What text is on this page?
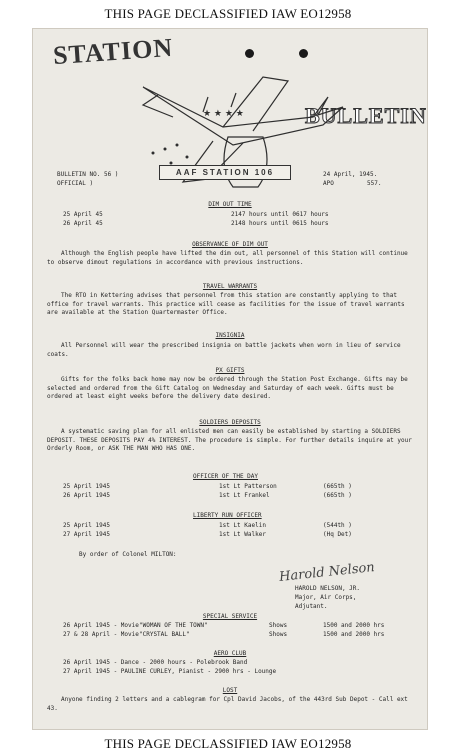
THIS PAGE DECLASSIFIED IAW EO12958
STATION
BULLETIN
★ ★ ★ ★
AAF STATION 106
BULLETIN NO. 56 )
OFFICIAL )
24 April, 1945.
APO	557.
DIM OUT TIME
25 April 45	2147 hours until 0617 hours
26 April 45	2148 hours until 0615 hours
OBSERVANCE OF DIM OUT
Although the English people have lifted the dim out, all personnel of this Station will continue to observe dimout regulations in accordance with previous instructions.
TRAVEL WARRANTS
The RTO in Kettering advises that personnel from this station are constantly applying to that office for travel warrants. This practice will cease as facilities for the issue of travel warrants are available at the Station Quartermaster Office.
INSIGNIA
All Personnel will wear the prescribed insignia on battle jackets when worn in lieu of service coats.
PX GIFTS
Gifts for the folks back home may now be ordered through the Station Post Exchange. Gifts may be selected and ordered from the Gift Catalog on Wednesday and Saturday of each week. Gifts must be ordered at least eight weeks before the delivery date desired.
SOLDIERS DEPOSITS
A systematic saving plan for all enlisted men can easily be established by starting a SOLDIERS DEPOSIT. THESE DEPOSITS PAY 4% INTEREST. The procedure is simple. For further details inquire at your Orderly Room, or ASK THE MAN WHO HAS ONE.
OFFICER OF THE DAY
25 April 1945	1st Lt Patterson	(665th )
26 April 1945	1st Lt Frankel	(665th )
LIBERTY RUN OFFICER
25 April 1945	1st Lt Kaelin	(544th )
27 April 1945	1st Lt Walker	(Hq Det)
By order of Colonel MILTON:
Harold Nelson
HAROLD NELSON, JR.
Major, Air Corps,
Adjutant.
SPECIAL SERVICE
26 April 1945 - Movie "WOMAN OF THE TOWN"	Shows	1500 and 2000 hrs
27 & 28 April - Movie "CRYSTAL BALL"	Shows	1500 and 2000 hrs
AERO CLUB
26 April 1945 - Dance - 2000 hours - Polebrook Band
27 April 1945 - PAULINE CURLEY, Pianist - 2900 hrs - Lounge
LOST
Anyone finding 2 letters and a cablegram for Cpl David Jacobs, of the 443rd Sub Depot - Call ext 43.
THIS PAGE DECLASSIFIED IAW EO12958
